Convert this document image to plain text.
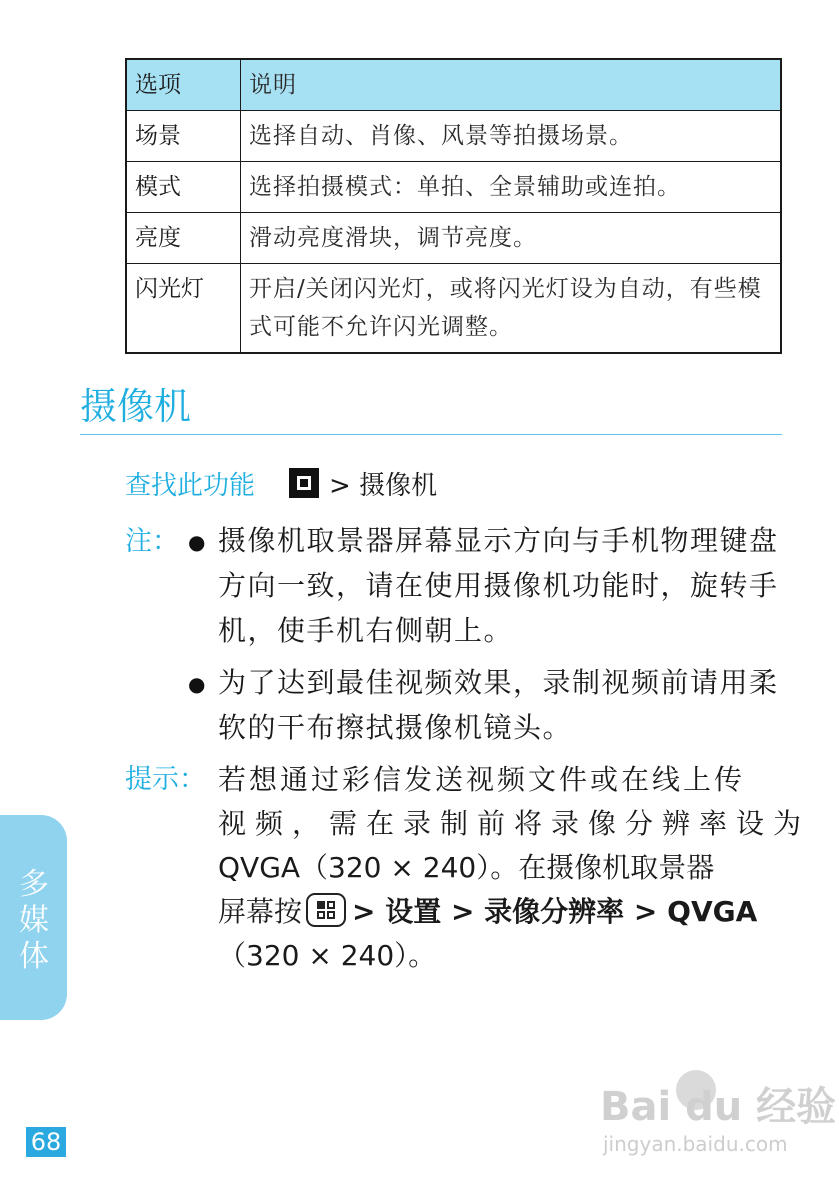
选项	说明
场景	选择自动、肖像、风景等拍摄场景。
模式	选择拍摄模式：单拍、全景辅助或连拍。
亮度	滑动亮度滑块，调节亮度。
闪光灯	开启/关闭闪光灯，或将闪光灯设为自动，有些模式可能不允许闪光调整。
摄像机
查找此功能	> 摄像机
注： ● 摄像机取景器屏幕显示方向与手机物理键盘方向一致，请在使用摄像机功能时，旋转手机，使手机右侧朝上。
● 为了达到最佳视频效果，录制视频前请用柔软的干布擦拭摄像机镜头。
提示： 若想通过彩信发送视频文件或在线上传
视频，需在录制前将录像分辨率设为
QVGA（320 × 240）。在摄像机取景器
屏幕按 > 设置 > 录像分辨率 > QVGA
（320 × 240）。
多媒体
68
Bai du 经验
jingyan.baidu.com
